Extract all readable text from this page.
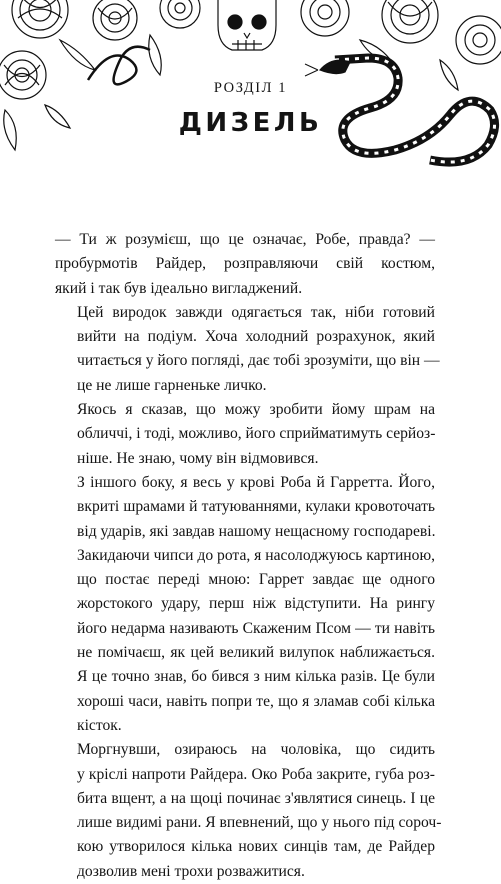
РОЗДІЛ 1
ДИЗЕЛЬ

— Ти ж розумієш, що це означає, Робе, правда? —
пробурмотів Райдер, розправляючи свій костюм,
який і так був ідеально вигладжений.

Цей виродок завжди одягається так, ніби готовий
вийти на подіум. Хоча холодний розрахунок, який
читається у його погляді, дає тобі зрозуміти, що він —
це не лише гарненьке личко.

Якось я сказав, що можу зробити йому шрам на
обличчі, і тоді, можливо, його сприйматимуть серйоз-
ніше. Не знаю, чому він відмовився.

З іншого боку, я весь у крові Роба й Гарретта. Його,
вкриті шрамами й татуюваннями, кулаки кровоточать
від ударів, які завдав нашому нещасному господареві.
Закидаючи чипси до рота, я насолоджуюсь картиною,
що постає переді мною: Гаррет завдає ще одного
жорстокого удару, перш ніж відступити. На рингу
його недарма називають Скаженим Псом — ти навіть
не помічаєш, як цей великий вилупок наближається.
Я це точно знав, бо бився з ним кілька разів. Це були
хороші часи, навіть попри те, що я зламав собі кілька
кісток.

Моргнувши, озираюсь на чоловіка, що сидить
у кріслі напроти Райдера. Око Роба закрите, губа роз-
бита вщент, а на щоці починає з'являтися синець. І це
лише видимі рани. Я впевнений, що у нього під сороч-
кою утворилося кілька нових синців там, де Райдер
дозволив мені трохи розважитися.
